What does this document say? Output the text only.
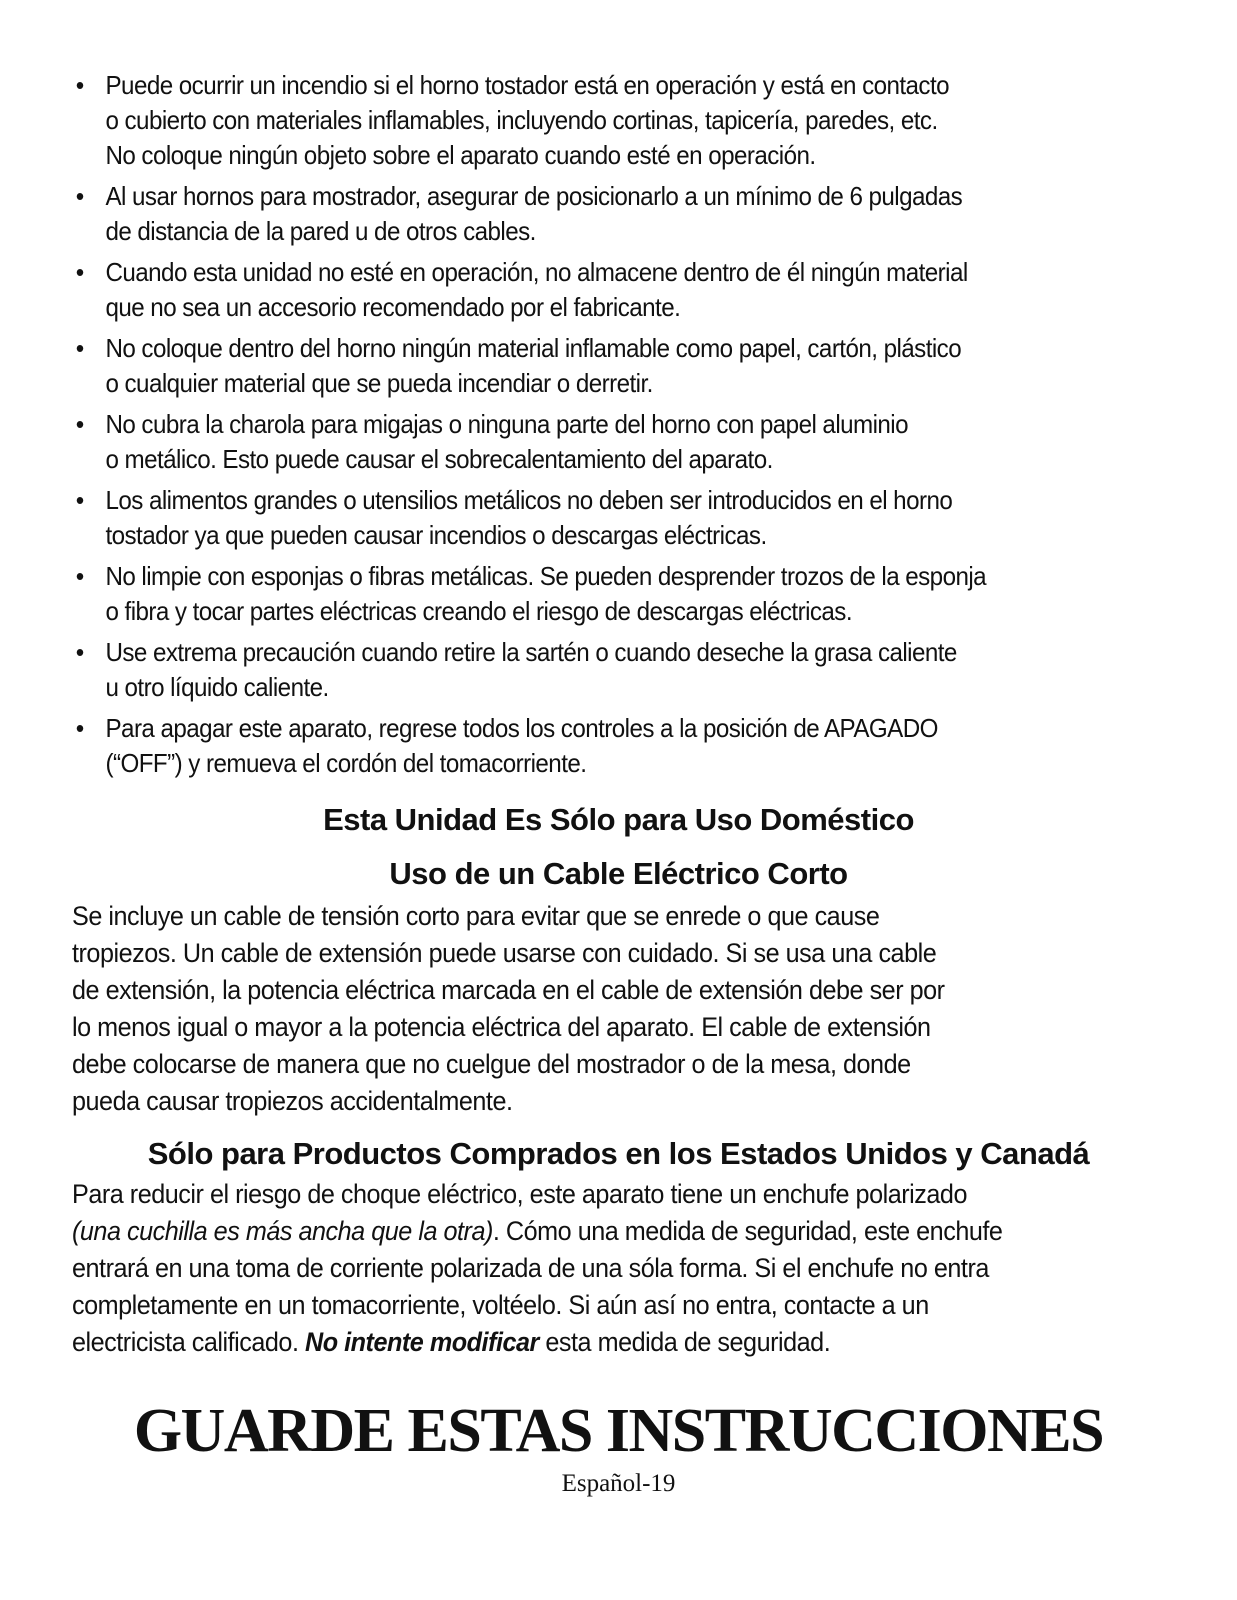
• Puede ocurrir un incendio si el horno tostador está en operación y está en contacto
o cubierto con materiales inflamables, incluyendo cortinas, tapicería, paredes, etc.
No coloque ningún objeto sobre el aparato cuando esté en operación.
• Al usar hornos para mostrador, asegurar de posicionarlo a un mínimo de 6 pulgadas
de distancia de la pared u de otros cables.
• Cuando esta unidad no esté en operación, no almacene dentro de él ningún material
que no sea un accesorio recomendado por el fabricante.
• No coloque dentro del horno ningún material inflamable como papel, cartón, plástico
o cualquier material que se pueda incendiar o derretir.
• No cubra la charola para migajas o ninguna parte del horno con papel aluminio
o metálico. Esto puede causar el sobrecalentamiento del aparato.
• Los alimentos grandes o utensilios metálicos no deben ser introducidos en el horno
tostador ya que pueden causar incendios o descargas eléctricas.
• No limpie con esponjas o fibras metálicas. Se pueden desprender trozos de la esponja
o fibra y tocar partes eléctricas creando el riesgo de descargas eléctricas.
• Use extrema precaución cuando retire la sartén o cuando deseche la grasa caliente
u otro líquido caliente.
• Para apagar este aparato, regrese todos los controles a la posición de APAGADO
(“OFF”) y remueva el cordón del tomacorriente.
Esta Unidad Es Sólo para Uso Doméstico
Uso de un Cable Eléctrico Corto

Se incluye un cable de tensión corto para evitar que se enrede o que cause

tropiezos. Un cable de extensión puede usarse con cuidado. Si se usa una cable

de extensión, la potencia eléctrica marcada en el cable de extensión debe ser por

lo menos igual o mayor a la potencia eléctrica del aparato. El cable de extensión

debe colocarse de manera que no cuelgue del mostrador o de la mesa, donde

pueda causar tropiezos accidentalmente.

Sólo para Productos Comprados en los Estados Unidos y Canadá

Para reducir el riesgo de choque eléctrico, este aparato tiene un enchufe polarizado

(una cuchilla es más ancha que la otra). Cómo una medida de seguridad, este enchufe

entrará en una toma de corriente polarizada de una sóla forma. Si el enchufe no entra

completamente en un tomacorriente, voltéelo. Si aún así no entra, contacte a un

electricista calificado. No intente modificar esta medida de seguridad.

GUARDE ESTAS INSTRUCCIONES
Español-19
